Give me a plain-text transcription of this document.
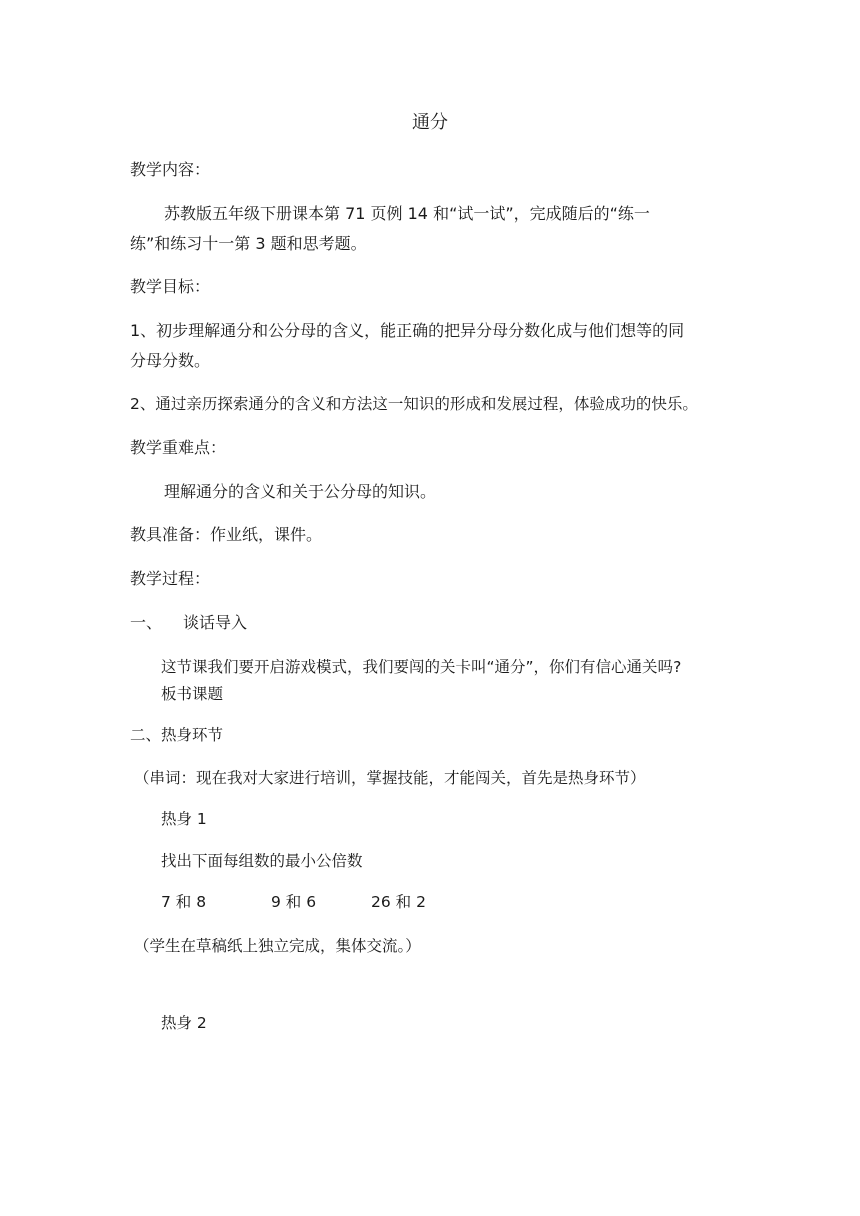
通分
教学内容：
苏教版五年级下册课本第 71 页例 14 和“试一试”，完成随后的“练一
练”和练习十一第 3 题和思考题。
教学目标：
1、初步理解通分和公分母的含义，能正确的把异分母分数化成与他们想等的同
分母分数。
2、通过亲历探索通分的含义和方法这一知识的形成和发展过程，体验成功的快乐。
教学重难点：
理解通分的含义和关于公分母的知识。
教具准备：作业纸，课件。
教学过程：
一、 谈话导入
这节课我们要开启游戏模式，我们要闯的关卡叫“通分”，你们有信心通关吗?
板书课题
二、热身环节
（串词：现在我对大家进行培训，掌握技能，才能闯关，首先是热身环节）
热身 1
找出下面每组数的最小公倍数
7 和 8	9 和 6	26 和 2
（学生在草稿纸上独立完成，集体交流。）
热身 2
